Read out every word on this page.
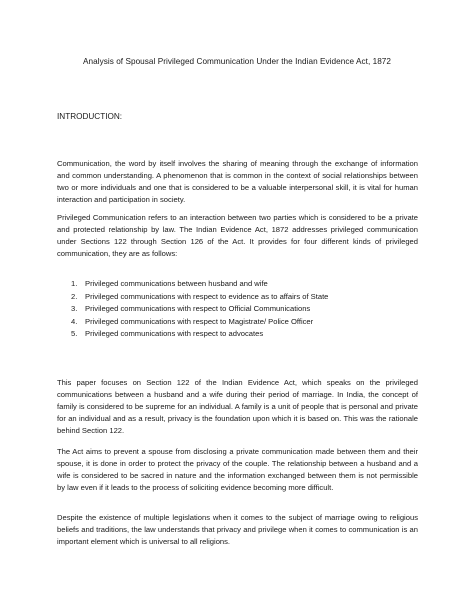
Analysis of Spousal Privileged Communication Under the Indian Evidence Act, 1872
INTRODUCTION:

Communication, the word by itself involves the sharing of meaning through the exchange of information and common understanding. A phenomenon that is common in the context of social relationships between two or more individuals and one that is considered to be a valuable interpersonal skill, it is vital for human interaction and participation in society.

Privileged Communication refers to an interaction between two parties which is considered to be a private and protected relationship by law. The Indian Evidence Act, 1872 addresses privileged communication under Sections 122 through Section 126 of the Act. It provides for four different kinds of privileged communication, they are as follows:

1. Privileged communications between husband and wife
2. Privileged communications with respect to evidence as to affairs of State
3. Privileged communications with respect to Official Communications
4. Privileged communications with respect to Magistrate/ Police Officer
5. Privileged communications with respect to advocates

This paper focuses on Section 122 of the Indian Evidence Act, which speaks on the privileged communications between a husband and a wife during their period of marriage. In India, the concept of family is considered to be supreme for an individual. A family is a unit of people that is personal and private for an individual and as a result, privacy is the foundation upon which it is based on. This was the rationale behind Section 122.

The Act aims to prevent a spouse from disclosing a private communication made between them and their spouse, it is done in order to protect the privacy of the couple. The relationship between a husband and a wife is considered to be sacred in nature and the information exchanged between them is not permissible by law even if it leads to the process of soliciting evidence becoming more difficult.

Despite the existence of multiple legislations when it comes to the subject of marriage owing to religious beliefs and traditions, the law understands that privacy and privilege when it comes to communication is an important element which is universal to all religions.
